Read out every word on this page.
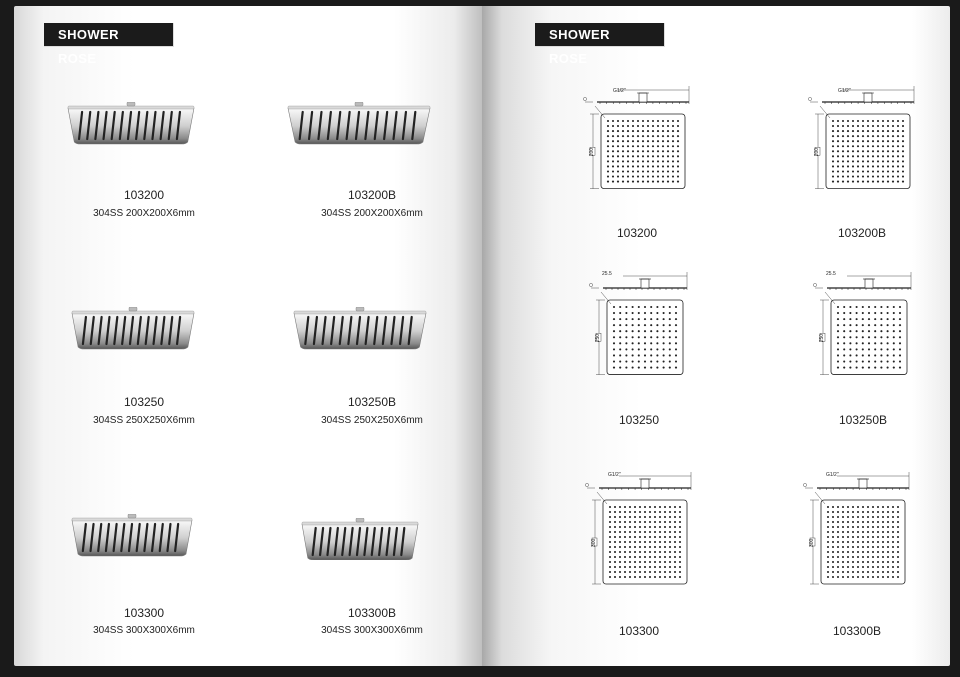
SHOWER ROSE
103200
304SS 200X200X6mm
103200B
304SS 200X200X6mm
103250
304SS 250X250X6mm
103250B
304SS 250X250X6mm
103300
304SS 300X300X6mm
103300B
304SS 300X300X6mm
SHOWER ROSE
G1/2"
200
103200
G1/2"
200
103200B
25.5
250
103250
25.5
250
103250B
G1/2"
300
103300
G1/2"
300
103300B
